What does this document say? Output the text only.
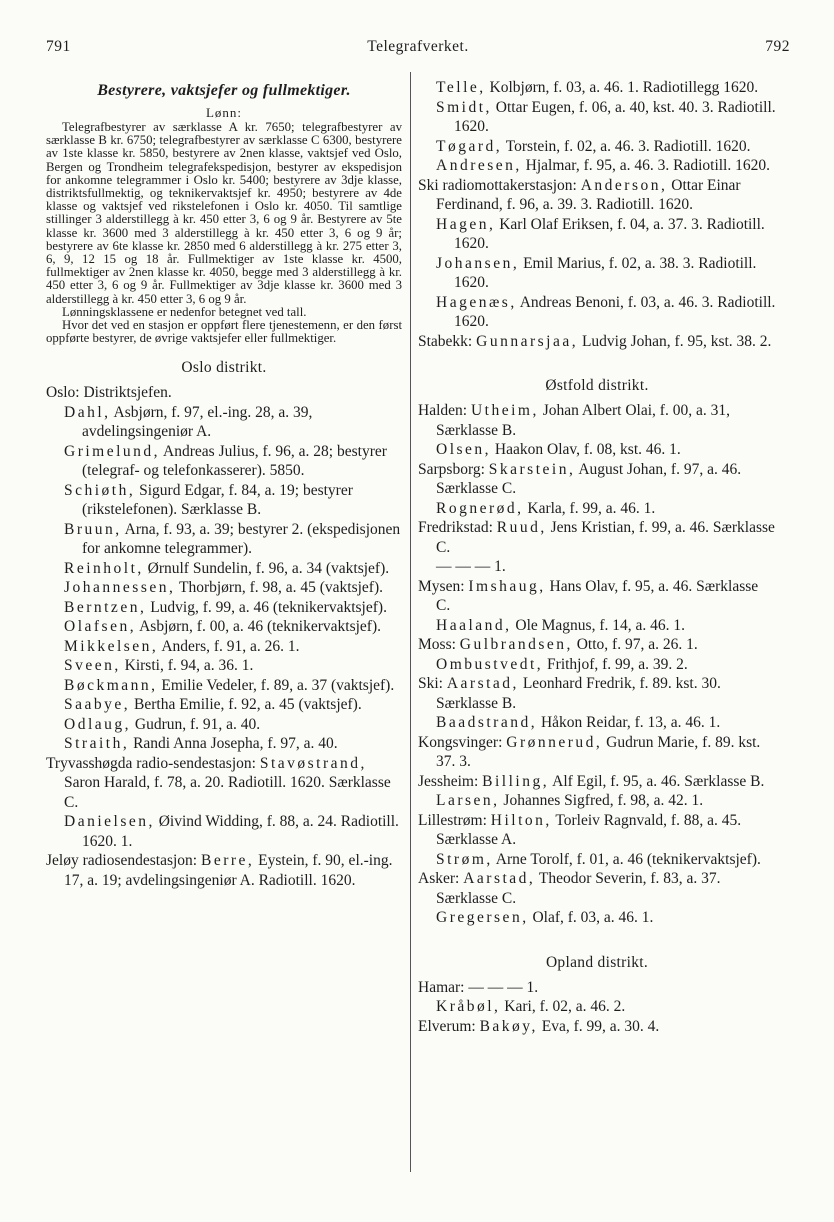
791	Telegrafverket.	792
Bestyrere, vaktsjefer og fullmektiger.
Lønn:

Telegrafbestyrer av særklasse A kr. 7650; telegrafbestyrer av særklasse B kr. 6750; telegrafbestyrer av særklasse C 6300, bestyrere av 1ste klasse kr. 5850, bestyrere av 2nen klasse, vaktsjef ved Oslo, Bergen og Trondheim telegrafekspedisjon, bestyrer av ekspedisjon for ankomne telegrammer i Oslo kr. 5400; bestyrere av 3dje klasse, distriktsfullmektig, og teknikervaktsjef kr. 4950; bestyrere av 4de klasse og vaktsjef ved rikstelefonen i Oslo kr. 4050. Til samtlige stillinger 3 alderstillegg à kr. 450 etter 3, 6 og 9 år. Bestyrere av 5te klasse kr. 3600 med 3 alderstillegg à kr. 450 etter 3, 6 og 9 år; bestyrere av 6te klasse kr. 2850 med 6 alderstillegg à kr. 275 etter 3, 6, 9, 12 15 og 18 år. Fullmektiger av 1ste klasse kr. 4500, fullmektiger av 2nen klasse kr. 4050, begge med 3 alderstillegg à kr. 450 etter 3, 6 og 9 år. Fullmektiger av 3dje klasse kr. 3600 med 3 alderstillegg à kr. 450 etter 3, 6 og 9 år.

Lønningsklassene er nedenfor betegnet ved tall.

Hvor det ved en stasjon er oppført flere tjenestemenn, er den først oppførte bestyrer, de øvrige vaktsjefer eller fullmektiger.

Oslo distrikt.

Oslo: Distriktsjefen.

Dahl, Asbjørn, f. 97, el.-ing. 28, a. 39, avdelingsingeniør A.

Grimelund, Andreas Julius, f. 96, a. 28; bestyrer (telegraf- og telefonkasserer). 5850.

Schiøth, Sigurd Edgar, f. 84, a. 19; bestyrer (rikstelefonen). Særklasse B.

Bruun, Arna, f. 93, a. 39; bestyrer 2. (ekspedisjonen for ankomne telegrammer).

Reinholt, Ørnulf Sundelin, f. 96, a. 34 (vaktsjef).

Johannessen, Thorbjørn, f. 98, a. 45 (vaktsjef).

Berntzen, Ludvig, f. 99, a. 46 (teknikervaktsjef).

Olafsen, Asbjørn, f. 00, a. 46 (teknikervaktsjef).

Mikkelsen, Anders, f. 91, a. 26. 1.

Sveen, Kirsti, f. 94, a. 36. 1.

Bøckmann, Emilie Vedeler, f. 89, a. 37 (vaktsjef).

Saabye, Bertha Emilie, f. 92, a. 45 (vaktsjef).

Odlaug, Gudrun, f. 91, a. 40.

Straith, Randi Anna Josepha, f. 97, a. 40.

Tryvasshøgda radio-sendestasjon: Stavøstrand, Saron Harald, f. 78, a. 20. Radiotill. 1620. Særklasse C.

Danielsen, Øivind Widding, f. 88, a. 24. Radiotill. 1620. 1.

Jeløy radiosendestasjon: Berre, Eystein, f. 90, el.-ing. 17, a. 19; avdelingsingeniør A. Radiotill. 1620.

Telle, Kolbjørn, f. 03, a. 46. 1. Radiotillegg 1620.

Smidt, Ottar Eugen, f. 06, a. 40, kst. 40. 3. Radiotill. 1620.

Tøgard, Torstein, f. 02, a. 46. 3. Radiotill. 1620.

Andresen, Hjalmar, f. 95, a. 46. 3. Radiotill. 1620.

Ski radiomottakerstasjon: Anderson, Ottar Einar Ferdinand, f. 96, a. 39. 3. Radiotill. 1620.

Hagen, Karl Olaf Eriksen, f. 04, a. 37. 3. Radiotill. 1620.

Johansen, Emil Marius, f. 02, a. 38. 3. Radiotill. 1620.

Hagenæs, Andreas Benoni, f. 03, a. 46. 3. Radiotill. 1620.

Stabekk: Gunnarsjaa, Ludvig Johan, f. 95, kst. 38. 2.

Østfold distrikt.

Halden: Utheim, Johan Albert Olai, f. 00, a. 31, Særklasse B.

Olsen, Haakon Olav, f. 08, kst. 46. 1.

Sarpsborg: Skarstein, August Johan, f. 97, a. 46. Særklasse C.

Rognerød, Karla, f. 99, a. 46. 1.

Fredrikstad: Ruud, Jens Kristian, f. 99, a. 46. Særklasse C.

— — — 1.

Mysen: Imshaug, Hans Olav, f. 95, a. 46. Særklasse C.

Haaland, Ole Magnus, f. 14, a. 46. 1.

Moss: Gulbrandsen, Otto, f. 97, a. 26. 1.

Ombustvedt, Frithjof, f. 99, a. 39. 2.

Ski: Aarstad, Leonhard Fredrik, f. 89. kst. 30. Særklasse B.

Baadstrand, Håkon Reidar, f. 13, a. 46. 1.

Kongsvinger: Grønnerud, Gudrun Marie, f. 89. kst. 37. 3.

Jessheim: Billing, Alf Egil, f. 95, a. 46. Særklasse B.

Larsen, Johannes Sigfred, f. 98, a. 42. 1.

Lillestrøm: Hilton, Torleiv Ragnvald, f. 88, a. 45. Særklasse A.

Strøm, Arne Torolf, f. 01, a. 46 (teknikervaktsjef).

Asker: Aarstad, Theodor Severin, f. 83, a. 37. Særklasse C.

Gregersen, Olaf, f. 03, a. 46. 1.

Opland distrikt.

Hamar: — — — 1.

Kråbøl, Kari, f. 02, a. 46. 2.

Elverum: Bakøy, Eva, f. 99, a. 30. 4.
